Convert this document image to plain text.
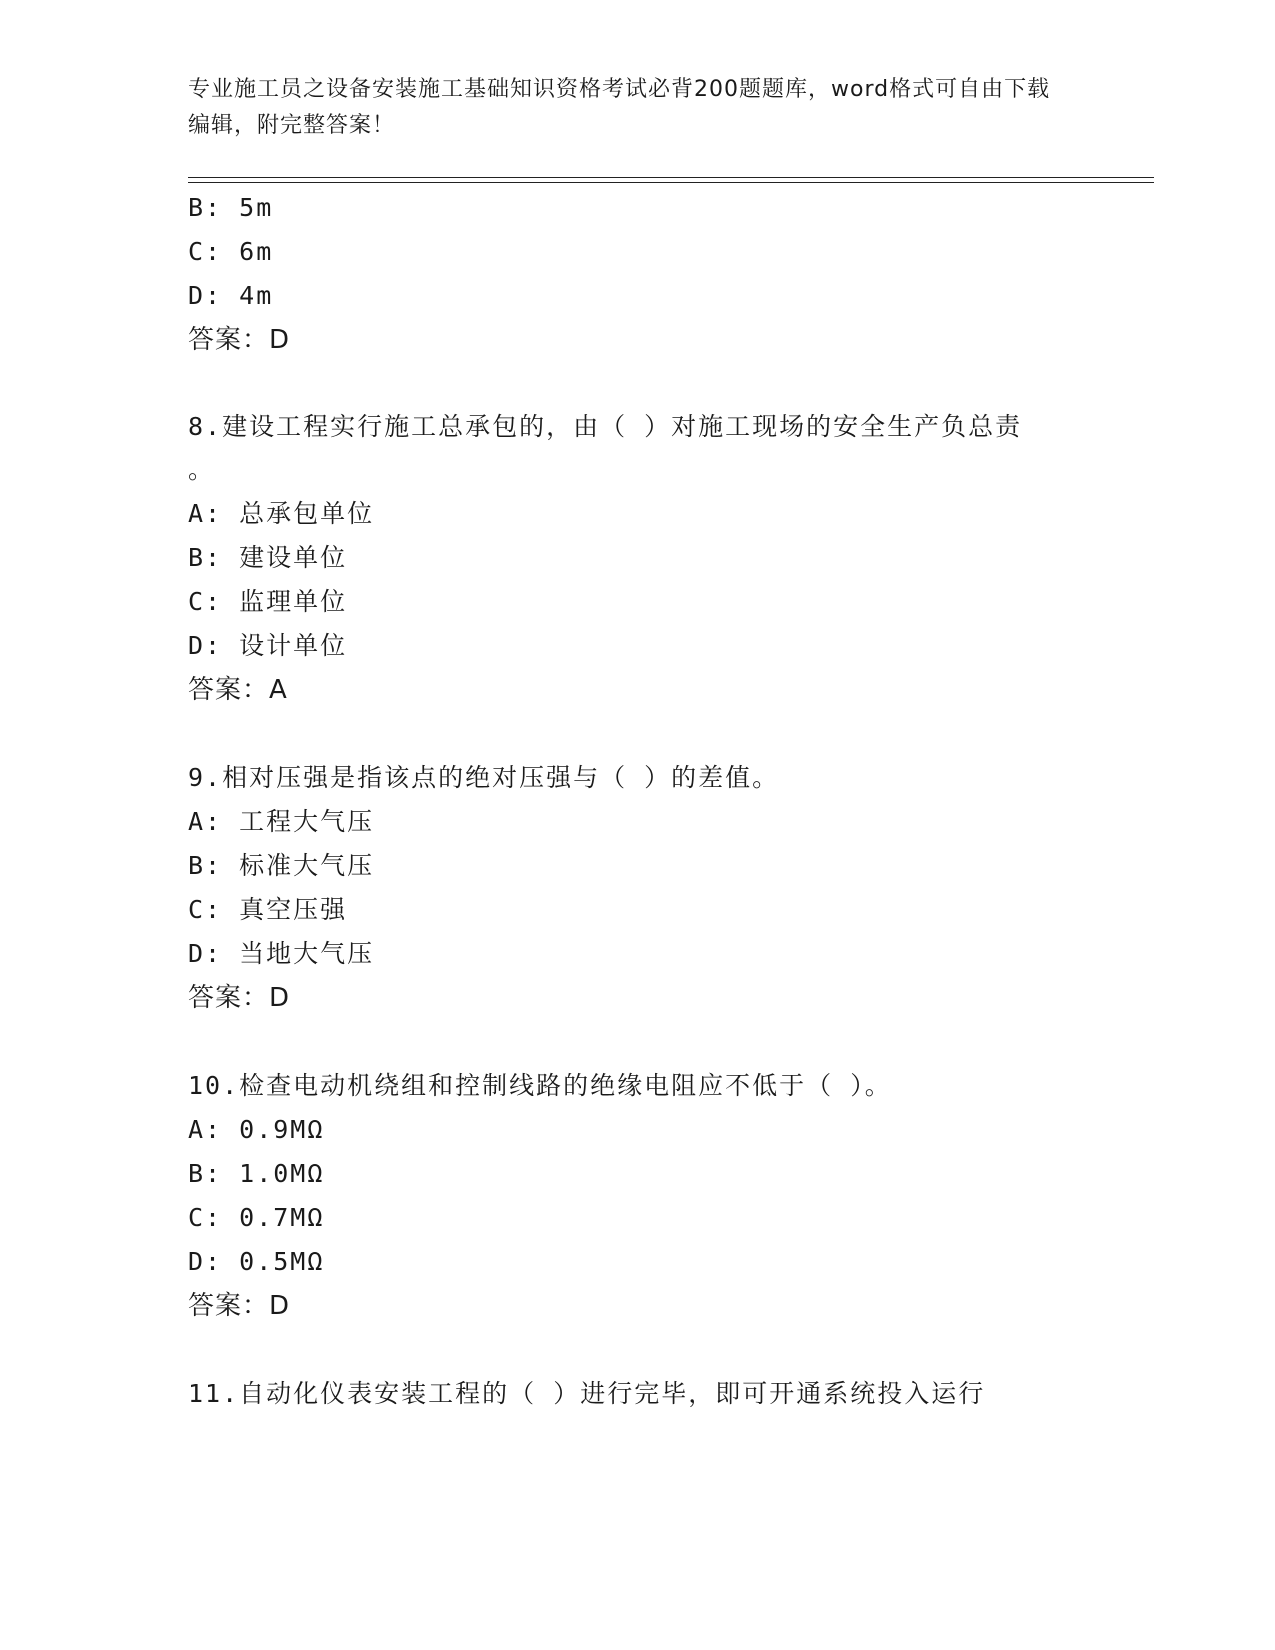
专业施工员之设备安装施工基础知识资格考试必背200题题库，word格式可自由下载编辑，附完整答案！
B: 5m
C: 6m
D: 4m
答案：D
8.建设工程实行施工总承包的，由（ ）对施工现场的安全生产负总责
。
A: 总承包单位
B: 建设单位
C: 监理单位
D: 设计单位
答案：A
9.相对压强是指该点的绝对压强与（ ）的差值。
A: 工程大气压
B: 标准大气压
C: 真空压强
D: 当地大气压
答案：D
10.检查电动机绕组和控制线路的绝缘电阻应不低于（ ）。
A: 0.9MΩ
B: 1.0MΩ
C: 0.7MΩ
D: 0.5MΩ
答案：D
11.自动化仪表安装工程的（ ）进行完毕，即可开通系统投入运行
